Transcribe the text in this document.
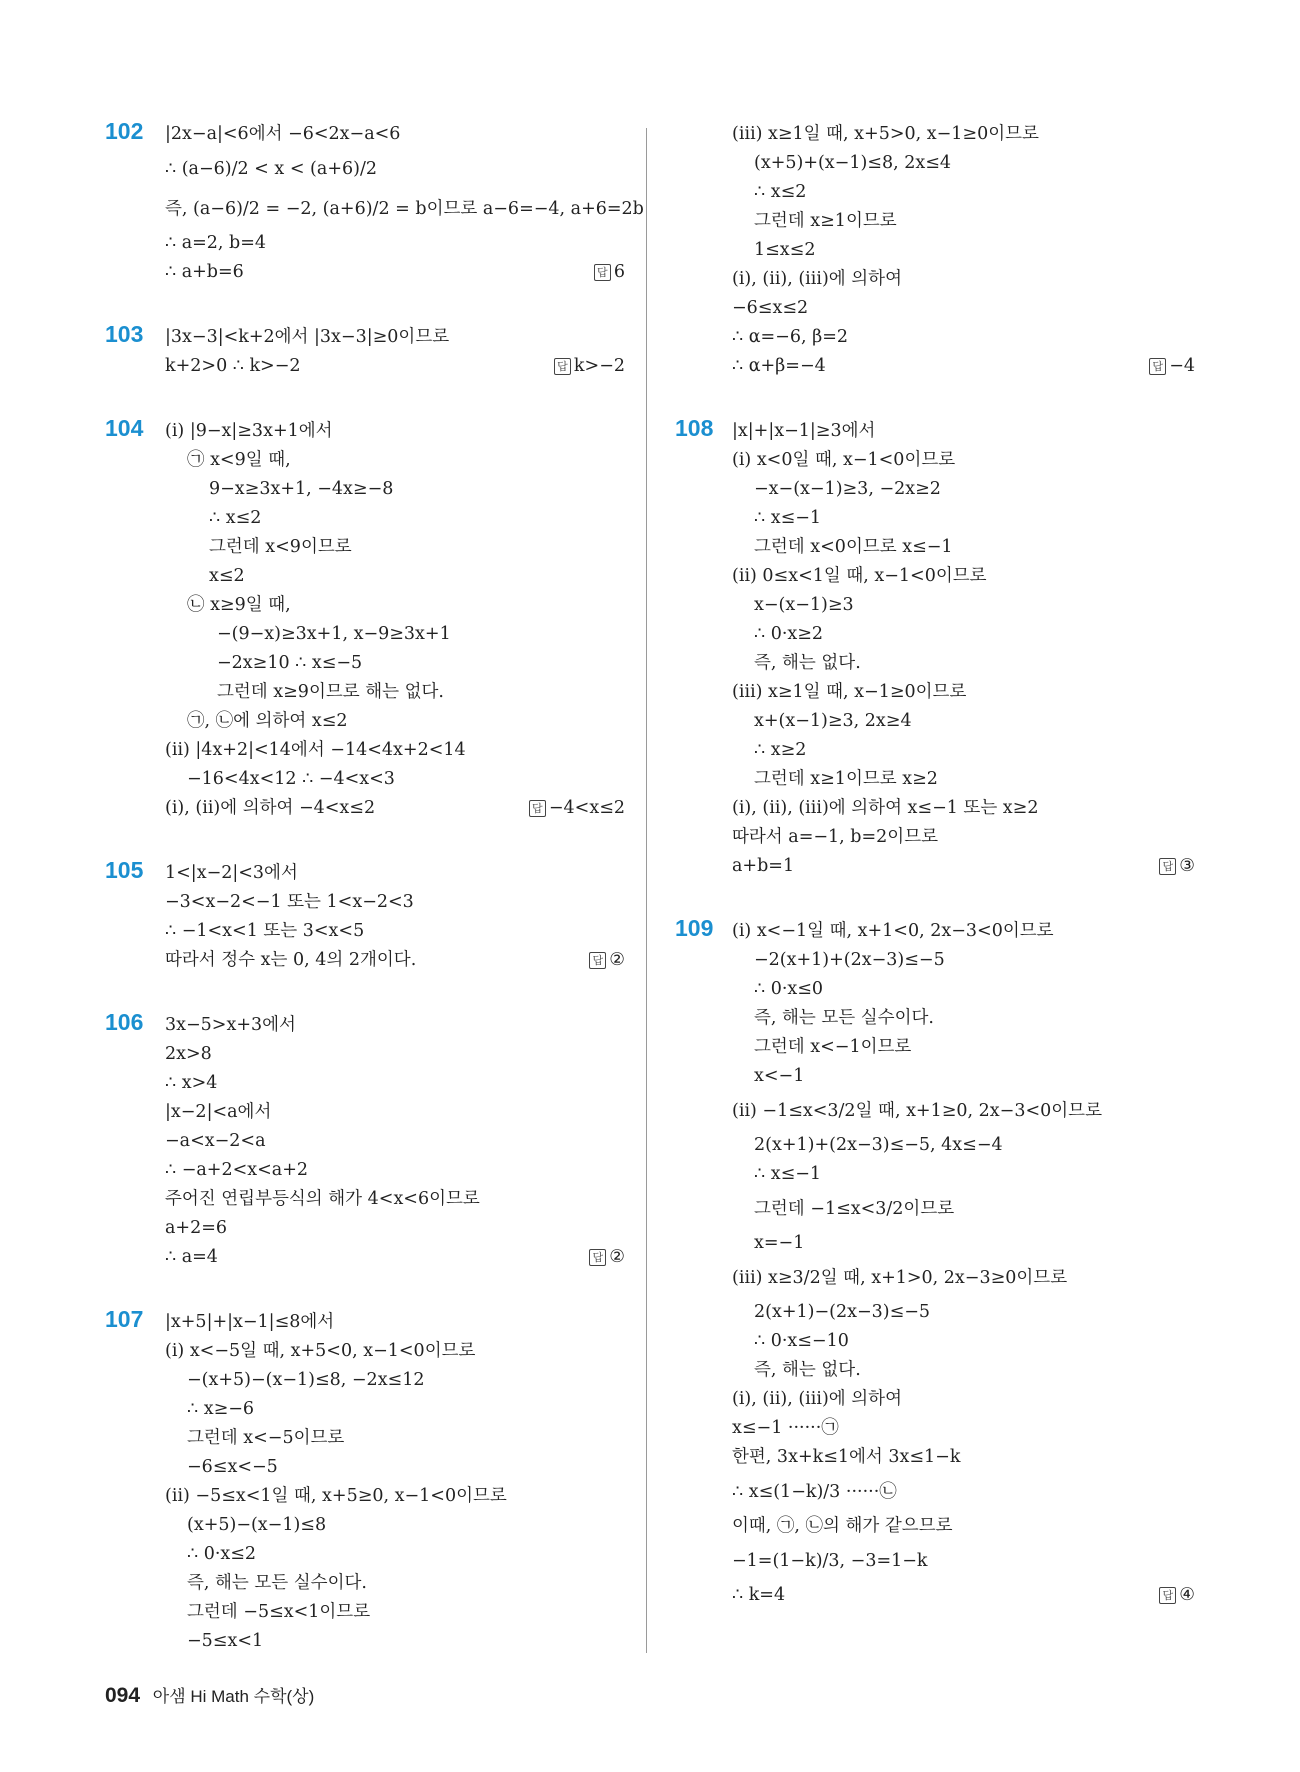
102 |2x−a|<6에서 −6<2x−a<6
∴ (a−6)/2 < x < (a+6)/2
즉, (a−6)/2 = −2, (a+6)/2 = b이므로 a−6=−4, a+6=2b
∴ a=2, b=4
∴ a+b=6	답 6
103 |3x−3|<k+2에서 |3x−3|≥0이므로
k+2>0 ∴ k>−2	답 k>−2
104 (ⅰ) |9−x|≥3x+1에서
㉠ x<9일 때,
9−x≥3x+1, −4x≥−8
∴ x≤2
그런데 x<9이므로
x≤2
㉡ x≥9일 때,
−(9−x)≥3x+1, x−9≥3x+1
−2x≥10 ∴ x≤−5
그런데 x≥9이므로 해는 없다.
㉠, ㉡에 의하여 x≤2
(ⅱ) |4x+2|<14에서 −14<4x+2<14
−16<4x<12 ∴ −4<x<3
(ⅰ), (ⅱ)에 의하여 −4<x≤2	답 −4<x≤2
105 1<|x−2|<3에서
−3<x−2<−1 또는 1<x−2<3
∴ −1<x<1 또는 3<x<5
따라서 정수 x는 0, 4의 2개이다.	답 ②
106 3x−5>x+3에서
2x>8
∴ x>4
|x−2|<a에서
−a<x−2<a
∴ −a+2<x<a+2
주어진 연립부등식의 해가 4<x<6이므로
a+2=6
∴ a=4	답 ②
107 |x+5|+|x−1|≤8에서
(ⅰ) x<−5일 때, x+5<0, x−1<0이므로
−(x+5)−(x−1)≤8, −2x≤12
∴ x≥−6
그런데 x<−5이므로
−6≤x<−5
(ⅱ) −5≤x<1일 때, x+5≥0, x−1<0이므로
(x+5)−(x−1)≤8
∴ 0·x≤2
즉, 해는 모든 실수이다.
그런데 −5≤x<1이므로
−5≤x<1
(ⅲ) x≥1일 때, x+5>0, x−1≥0이므로
(x+5)+(x−1)≤8, 2x≤4
∴ x≤2
그런데 x≥1이므로
1≤x≤2
(ⅰ), (ⅱ), (ⅲ)에 의하여
−6≤x≤2
∴ α=−6, β=2
∴ α+β=−4	답 −4
108 |x|+|x−1|≥3에서
(ⅰ) x<0일 때, x−1<0이므로
−x−(x−1)≥3, −2x≥2
∴ x≤−1
그런데 x<0이므로 x≤−1
(ⅱ) 0≤x<1일 때, x−1<0이므로
x−(x−1)≥3
∴ 0·x≥2
즉, 해는 없다.
(ⅲ) x≥1일 때, x−1≥0이므로
x+(x−1)≥3, 2x≥4
∴ x≥2
그런데 x≥1이므로 x≥2
(ⅰ), (ⅱ), (ⅲ)에 의하여 x≤−1 또는 x≥2
따라서 a=−1, b=2이므로
a+b=1	답 ③
109 (ⅰ) x<−1일 때, x+1<0, 2x−3<0이므로
−2(x+1)+(2x−3)≤−5
∴ 0·x≤0
즉, 해는 모든 실수이다.
그런데 x<−1이므로
x<−1
(ⅱ) −1≤x<3/2일 때, x+1≥0, 2x−3<0이므로
2(x+1)+(2x−3)≤−5, 4x≤−4
∴ x≤−1
그런데 −1≤x<3/2이므로
x=−1
(ⅲ) x≥3/2일 때, x+1>0, 2x−3≥0이므로
2(x+1)−(2x−3)≤−5
∴ 0·x≤−10
즉, 해는 없다.
(ⅰ), (ⅱ), (ⅲ)에 의하여
x≤−1 ······㉠
한편, 3x+k≤1에서 3x≤1−k
∴ x≤(1−k)/3 ······㉡
이때, ㉠, ㉡의 해가 같으므로
−1=(1−k)/3, −3=1−k
∴ k=4	답 ④
094 아샘 Hi Math 수학(상)
